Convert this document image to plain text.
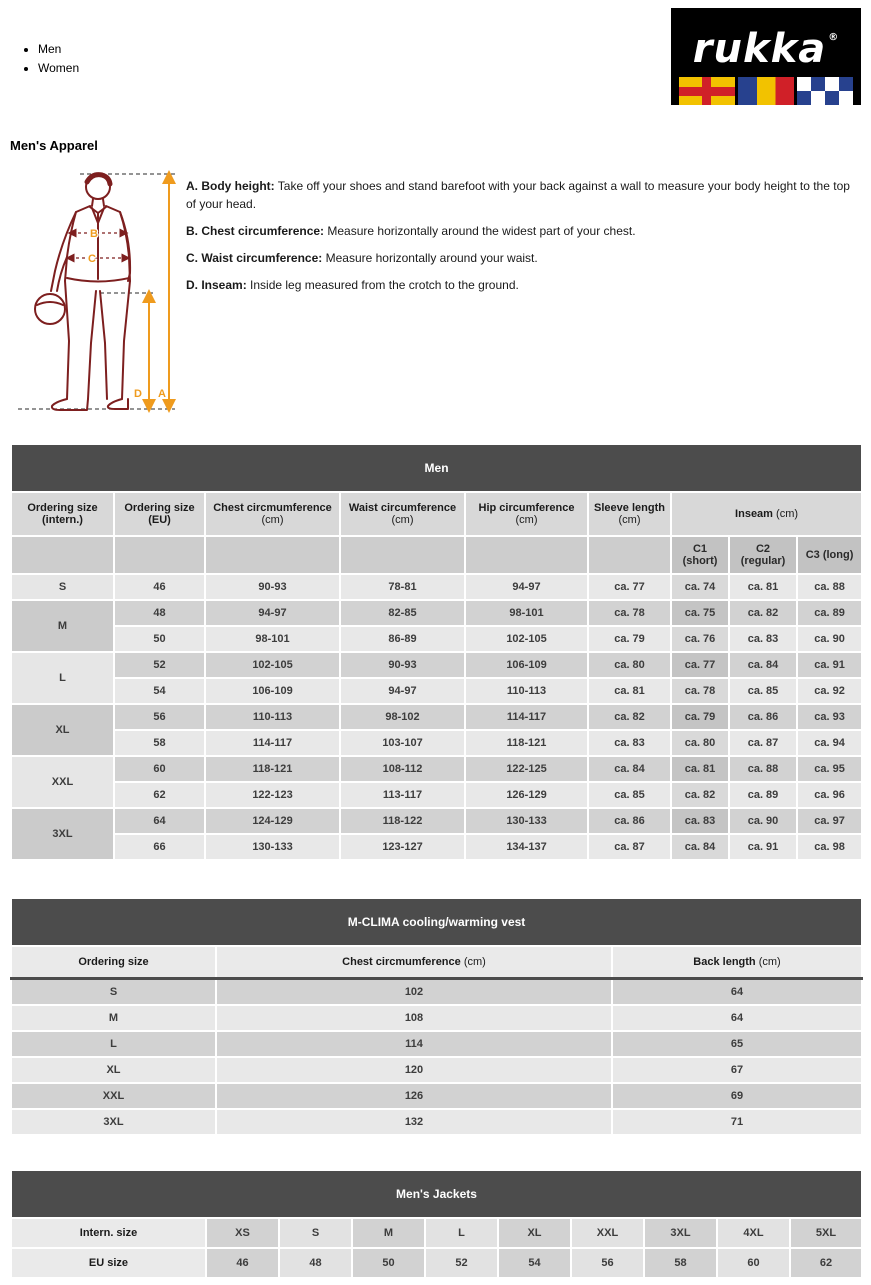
• Men
• Women	rukka ®
Men's Apparel
B
C
D A

A. Body height: Take off your shoes and stand barefoot with your back against a wall to measure your body height to the top of your head.

B. Chest circumference: Measure horizontally around the widest part of your chest.

C. Waist circumference: Measure horizontally around your waist.

D. Inseam: Inside leg measured from the crotch to the ground.

Men								
Ordering size (intern.)	Ordering size (EU)	Chest circmumference (cm)	Waist circumference (cm)	Hip circumference (cm)	Sleeve length (cm)	Inseam (cm)		
						C1 (short)	C2 (regular)	C3 (long)
S	46	90-93	78-81	94-97	ca. 77	ca. 74	ca. 81	ca. 88
M	48	94-97	82-85	98-101	ca. 78	ca. 75	ca. 82	ca. 89
	50	98-101	86-89	102-105	ca. 79	ca. 76	ca. 83	ca. 90
L	52	102-105	90-93	106-109	ca. 80	ca. 77	ca. 84	ca. 91
	54	106-109	94-97	110-113	ca. 81	ca. 78	ca. 85	ca. 92
XL	56	110-113	98-102	114-117	ca. 82	ca. 79	ca. 86	ca. 93
	58	114-117	103-107	118-121	ca. 83	ca. 80	ca. 87	ca. 94
XXL	60	118-121	108-112	122-125	ca. 84	ca. 81	ca. 88	ca. 95
	62	122-123	113-117	126-129	ca. 85	ca. 82	ca. 89	ca. 96
3XL	64	124-129	118-122	130-133	ca. 86	ca. 83	ca. 90	ca. 97
	66	130-133	123-127	134-137	ca. 87	ca. 84	ca. 91	ca. 98
M-CLIMA cooling/warming vest		
Ordering size	Chest circmumference (cm)	Back length (cm)
S	102	64
M	108	64
L	114	65
XL	120	67
XXL	126	69
3XL	132	71
Men's Jackets									
Intern. size	XS	S	M	L	XL	XXL	3XL	4XL	5XL
EU size	46	48	50	52	54	56	58	60	62
